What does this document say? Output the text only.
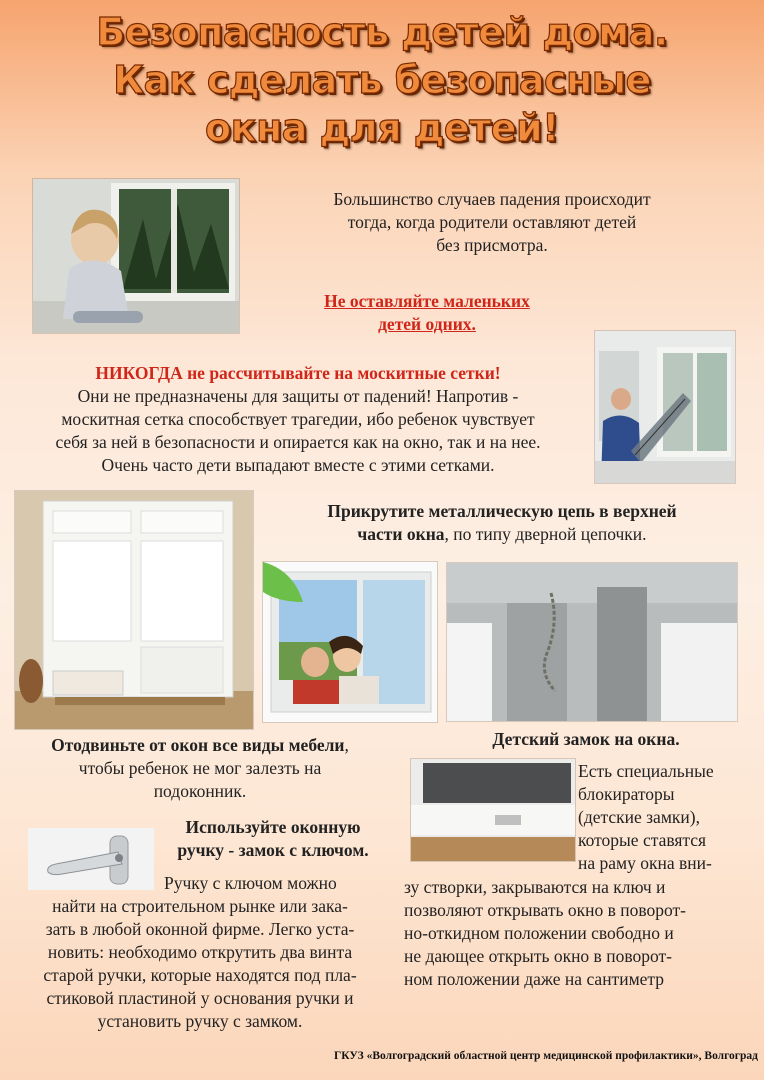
Безопасность детей дома.
Как сделать безопасные
окна для детей!
Большинство случаев падения происходит
тогда, когда родители оставляют детей
без присмотра.
Не оставляйте маленьких
детей одних.
НИКОГДА не рассчитывайте на москитные сетки!
Они не предназначены для защиты от падений! Напротив -
москитная сетка способствует трагедии, ибо ребенок чувствует
себя за ней в безопасности и опирается как на окно, так и на нее.
Очень часто дети выпадают вместе с этими сетками.
Прикрутите металлическую цепь в верхней
части окна, по типу дверной цепочки.
Отодвиньте от окон все виды мебели,
чтобы ребенок не мог залезть на
подоконник.
Детский замок на окна.
Есть специальные
блокираторы
(детские замки),
которые ставятся
на раму окна вни-
зу створки, закрываются на ключ и
позволяют открывать окно в поворот-
но-откидном положении свободно и
не дающее открыть окно в поворот-
ном положении даже на сантиметр
Используйте оконную
ручку - замок с ключом.
Ручку с ключом можно
найти на строительном рынке или зака-
зать в любой оконной фирме. Легко уста-
новить: необходимо открутить два винта
старой ручки, которые находятся под пла-
стиковой пластиной у основания ручки и
установить ручку с замком.
ГКУЗ «Волгоградский областной центр медицинской профилактики», Волгоград
